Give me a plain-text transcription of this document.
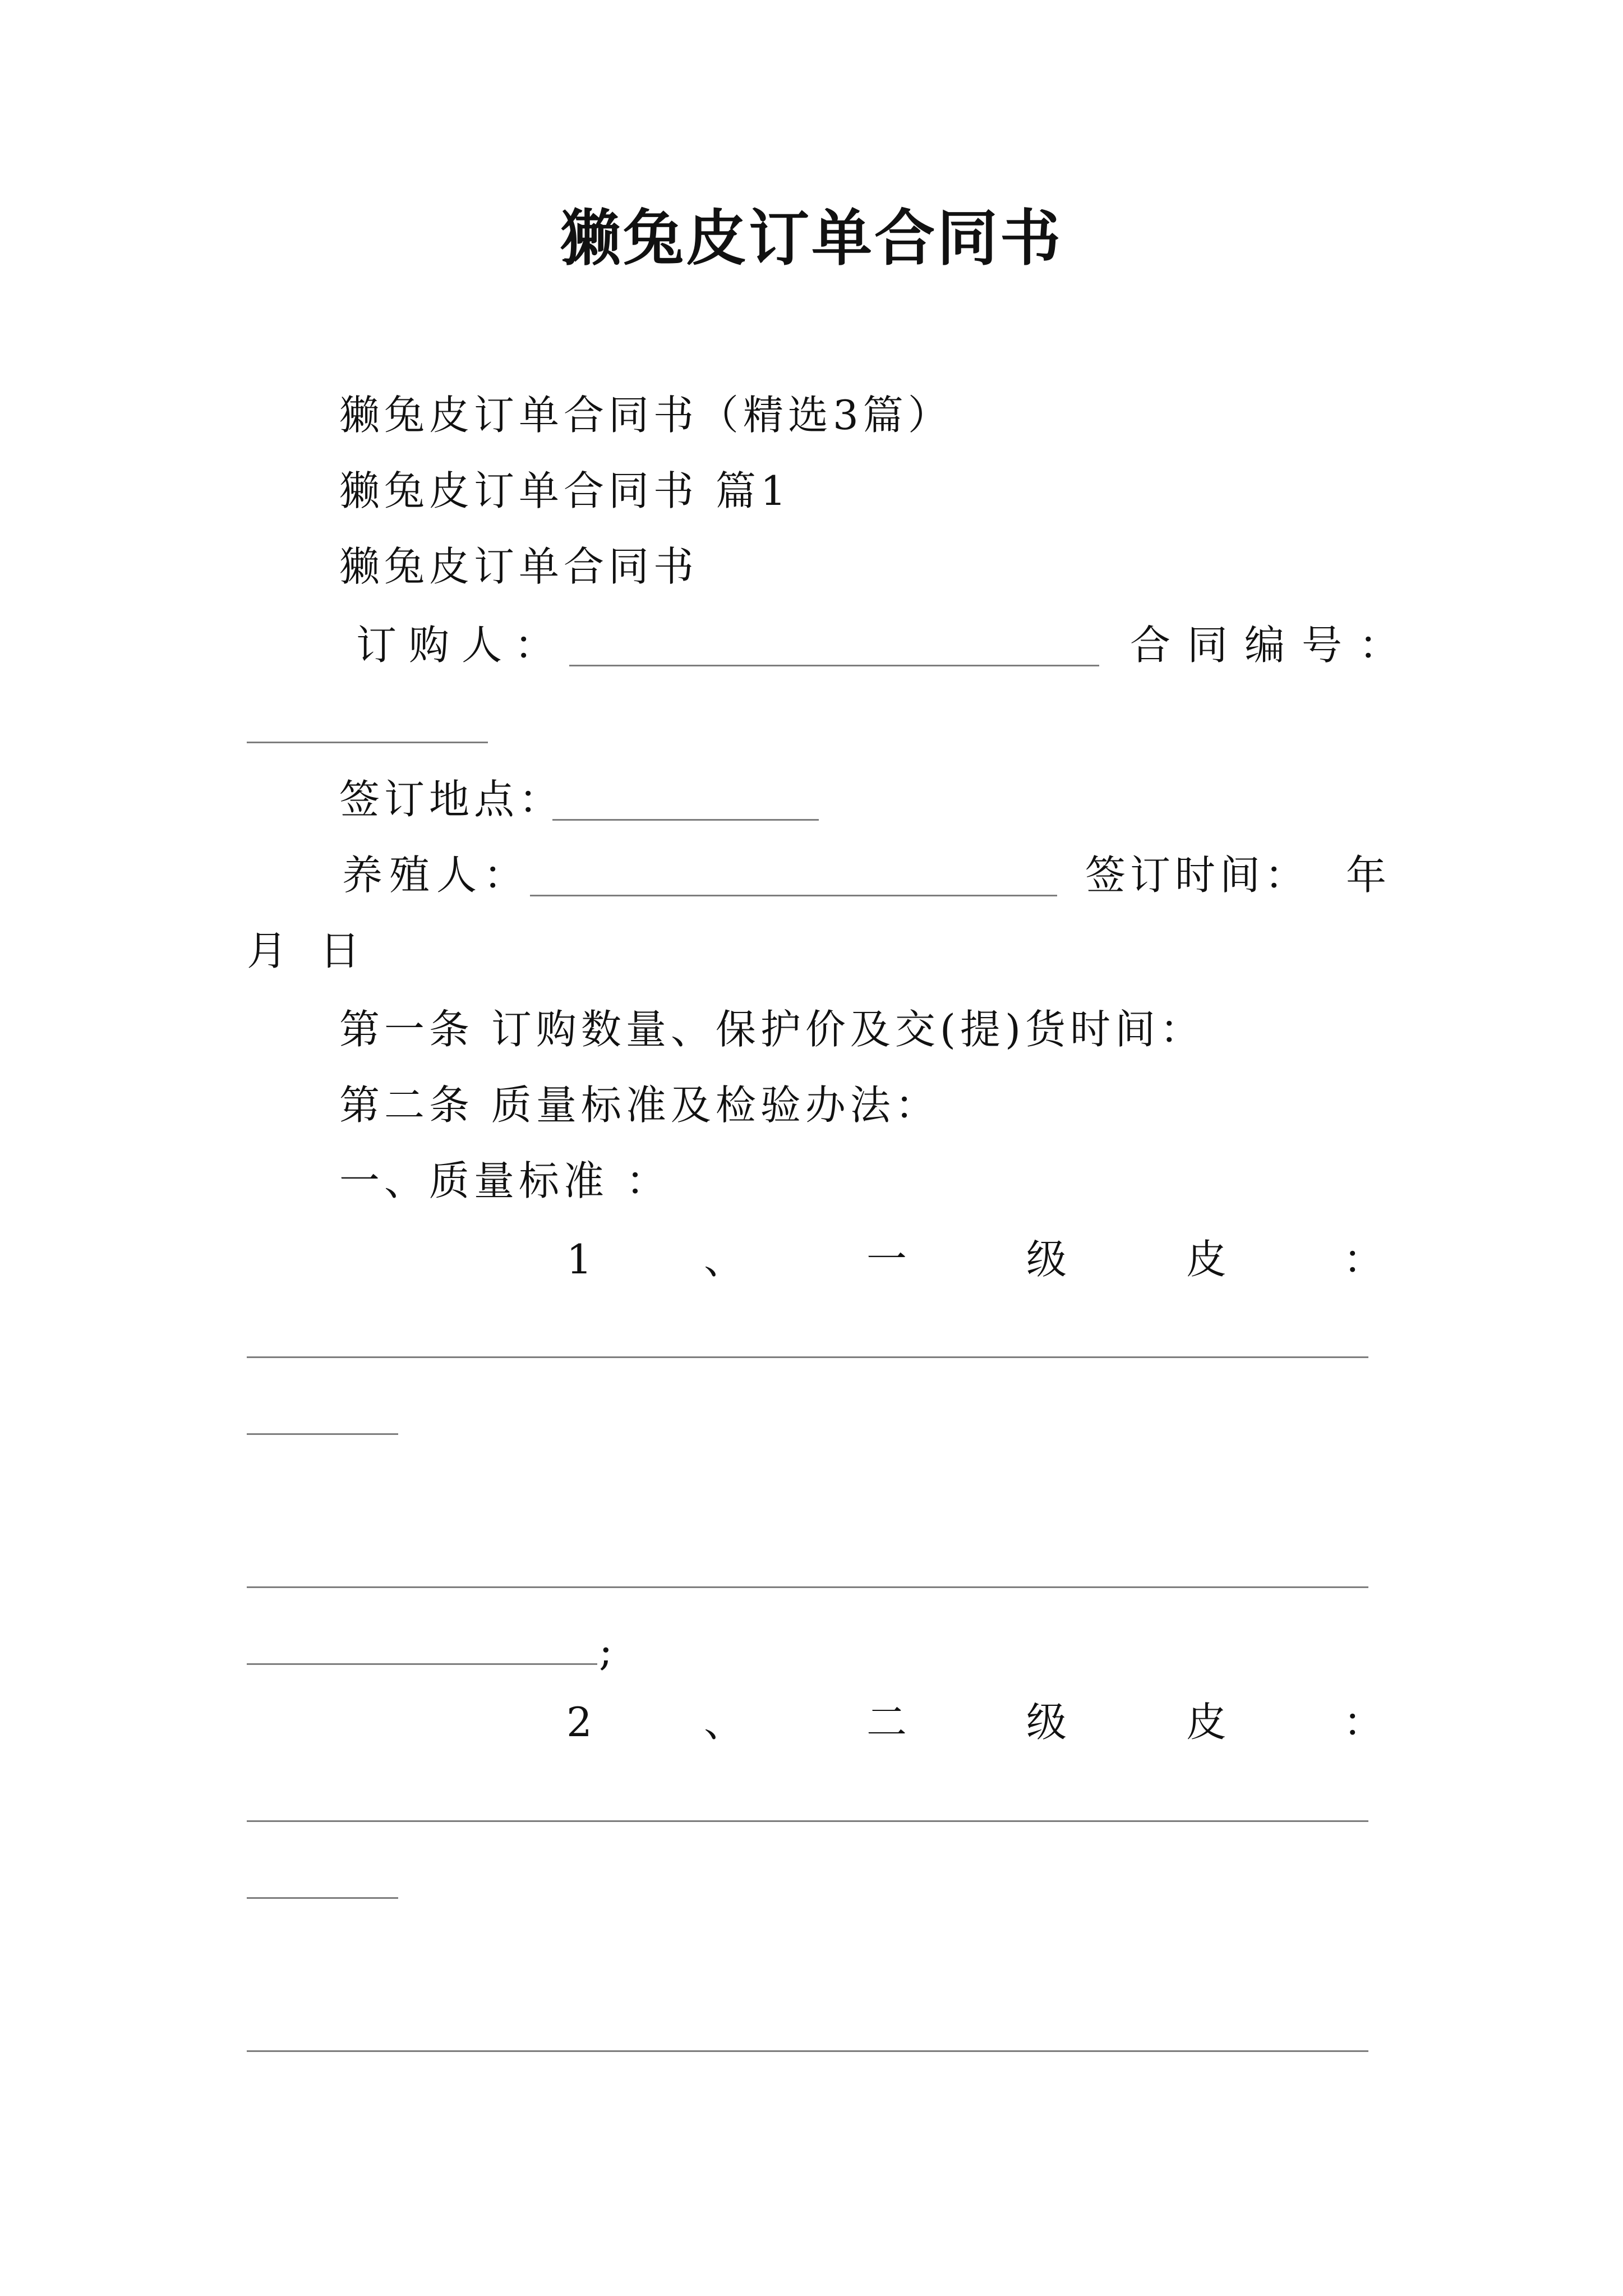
獭兔皮订单合同书
獭兔皮订单合同书（精选3篇）
獭兔皮订单合同书 篇1
獭兔皮订单合同书
订购人：	合同编号：
签订地点：
养殖人：	签订时间： 年
月 日
第一条 订购数量、保护价及交(提)货时间：
第二条 质量标准及检验办法：
一、质量标准 ：
1	、	一	级	皮	：
;
2	、	二	级	皮	：
